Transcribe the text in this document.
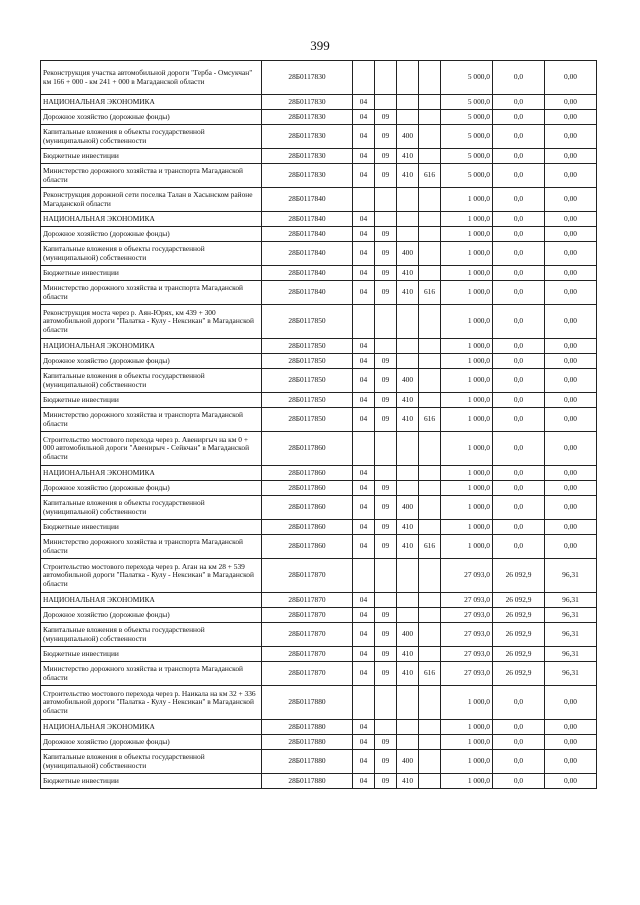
399
Реконструкция участка автомобильной дороги "Герба - Омсукчан" км 166 + 000 - км 241 + 000 в Магаданской области	28Б0117830					5 000,0	0,0	0,00
НАЦИОНАЛЬНАЯ ЭКОНОМИКА	28Б0117830	04				5 000,0	0,0	0,00
Дорожное хозяйство (дорожные фонды)	28Б0117830	04	09			5 000,0	0,0	0,00
Капитальные вложения в объекты государственной (муниципальной) собственности	28Б0117830	04	09	400		5 000,0	0,0	0,00
Бюджетные инвестиции	28Б0117830	04	09	410		5 000,0	0,0	0,00
Министерство дорожного хозяйства и транспорта Магаданской области	28Б0117830	04	09	410	616	5 000,0	0,0	0,00
Реконструкция дорожной сети поселка Талан в Хасынском районе Магаданской области	28Б0117840					1 000,0	0,0	0,00
НАЦИОНАЛЬНАЯ ЭКОНОМИКА	28Б0117840	04				1 000,0	0,0	0,00
Дорожное хозяйство (дорожные фонды)	28Б0117840	04	09			1 000,0	0,0	0,00
Капитальные вложения в объекты государственной (муниципальной) собственности	28Б0117840	04	09	400		1 000,0	0,0	0,00
Бюджетные инвестиции	28Б0117840	04	09	410		1 000,0	0,0	0,00
Министерство дорожного хозяйства и транспорта Магаданской области	28Б0117840	04	09	410	616	1 000,0	0,0	0,00
Реконструкция моста через р. Аян-Юрях, км 439 + 300 автомобильной дороги "Палатка - Кулу - Нексикан" в Магаданской области	28Б0117850					1 000,0	0,0	0,00
НАЦИОНАЛЬНАЯ ЭКОНОМИКА	28Б0117850	04				1 000,0	0,0	0,00
Дорожное хозяйство (дорожные фонды)	28Б0117850	04	09			1 000,0	0,0	0,00
Капитальные вложения в объекты государственной (муниципальной) собственности	28Б0117850	04	09	400		1 000,0	0,0	0,00
Бюджетные инвестиции	28Б0117850	04	09	410		1 000,0	0,0	0,00
Министерство дорожного хозяйства и транспорта Магаданской области	28Б0117850	04	09	410	616	1 000,0	0,0	0,00
Строительство мостового перехода через р. Авениргыч на км 0 + 000 автомобильной дороги "Авенирыч - Сейкчан" в Магаданской области	28Б0117860					1 000,0	0,0	0,00
НАЦИОНАЛЬНАЯ ЭКОНОМИКА	28Б0117860	04				1 000,0	0,0	0,00
Дорожное хозяйство (дорожные фонды)	28Б0117860	04	09			1 000,0	0,0	0,00
Капитальные вложения в объекты государственной (муниципальной) собственности	28Б0117860	04	09	400		1 000,0	0,0	0,00
Бюджетные инвестиции	28Б0117860	04	09	410		1 000,0	0,0	0,00
Министерство дорожного хозяйства и транспорта Магаданской области	28Б0117860	04	09	410	616	1 000,0	0,0	0,00
Строительство мостового перехода через р. Аган на км 28 + 539 автомобильной дороги "Палатка - Кулу - Нексикан" в Магаданской области	28Б0117870					27 093,0	26 092,9	96,31
НАЦИОНАЛЬНАЯ ЭКОНОМИКА	28Б0117870	04				27 093,0	26 092,9	96,31
Дорожное хозяйство (дорожные фонды)	28Б0117870	04	09			27 093,0	26 092,9	96,31
Капитальные вложения в объекты государственной (муниципальной) собственности	28Б0117870	04	09	400		27 093,0	26 092,9	96,31
Бюджетные инвестиции	28Б0117870	04	09	410		27 093,0	26 092,9	96,31
Министерство дорожного хозяйства и транспорта Магаданской области	28Б0117870	04	09	410	616	27 093,0	26 092,9	96,31
Строительство мостового перехода через р. Наикала на км 32 + 336 автомобильной дороги "Палатка - Кулу - Нексикан" в Магаданской области	28Б0117880					1 000,0	0,0	0,00
НАЦИОНАЛЬНАЯ ЭКОНОМИКА	28Б0117880	04				1 000,0	0,0	0,00
Дорожное хозяйство (дорожные фонды)	28Б0117880	04	09			1 000,0	0,0	0,00
Капитальные вложения в объекты государственной (муниципальной) собственности	28Б0117880	04	09	400		1 000,0	0,0	0,00
Бюджетные инвестиции	28Б0117880	04	09	410		1 000,0	0,0	0,00
